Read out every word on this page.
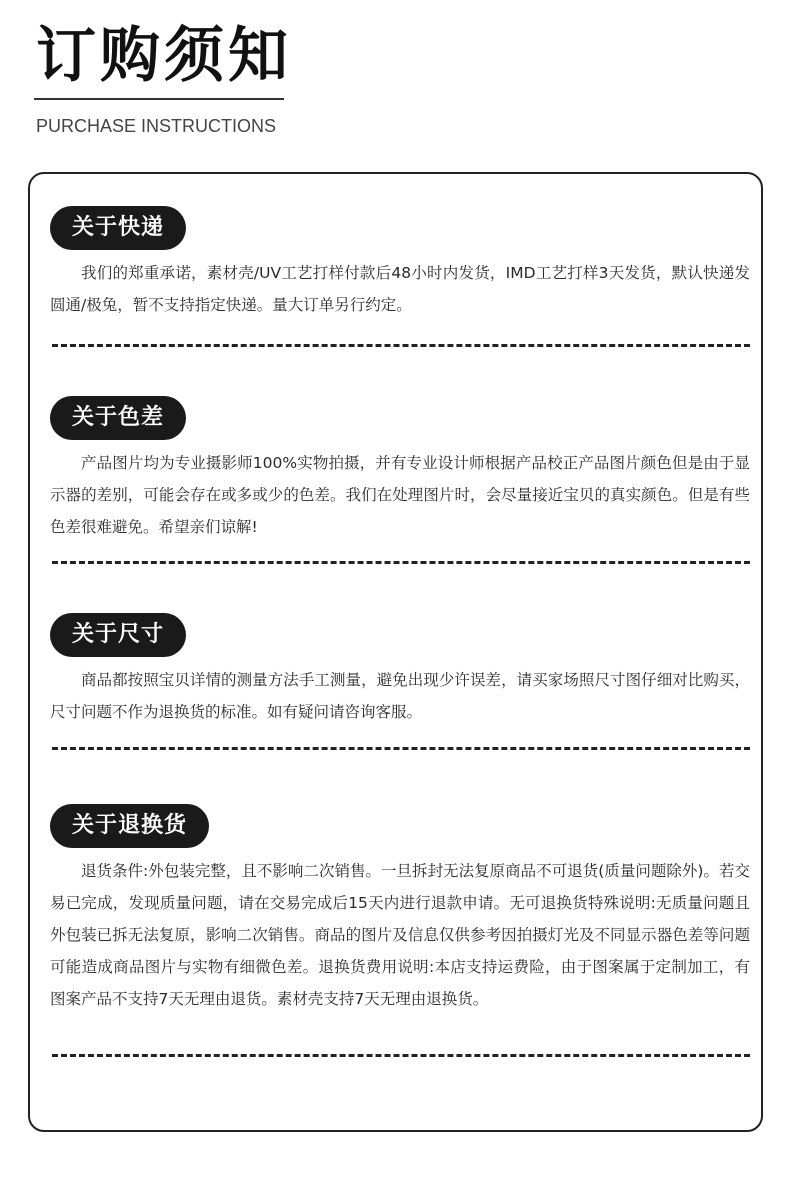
订购须知
PURCHASE INSTRUCTIONS
关于快递

我们的郑重承诺，素材壳/UV工艺打样付款后48小时内发货，IMD工艺打样3天发货，默认快递发圆通/极兔，暂不支持指定快递。量大订单另行约定。

关于色差

产品图片均为专业摄影师100%实物拍摄，并有专业设计师根据产品校正产品图片颜色但是由于显示器的差别，可能会存在或多或少的色差。我们在处理图片时，会尽量接近宝贝的真实颜色。但是有些色差很难避免。希望亲们谅解!

关于尺寸

商品都按照宝贝详情的测量方法手工测量，避免出现少许误差，请买家场照尺寸图仔细对比购买，尺寸问题不作为退换货的标准。如有疑问请咨询客服。

关于退换货

退货条件:外包装完整，且不影响二次销售。一旦拆封无法复原商品不可退货(质量问题除外)。若交易已完成，发现质量问题，请在交易完成后15天内进行退款申请。无可退换货特殊说明:无质量问题且外包装已拆无法复原，影响二次销售。商品的图片及信息仅供参考因拍摄灯光及不同显示器色差等问题可能造成商品图片与实物有细微色差。退换货费用说明:本店支持运费险，由于图案属于定制加工，有图案产品不支持7天无理由退货。素材壳支持7天无理由退换货。
